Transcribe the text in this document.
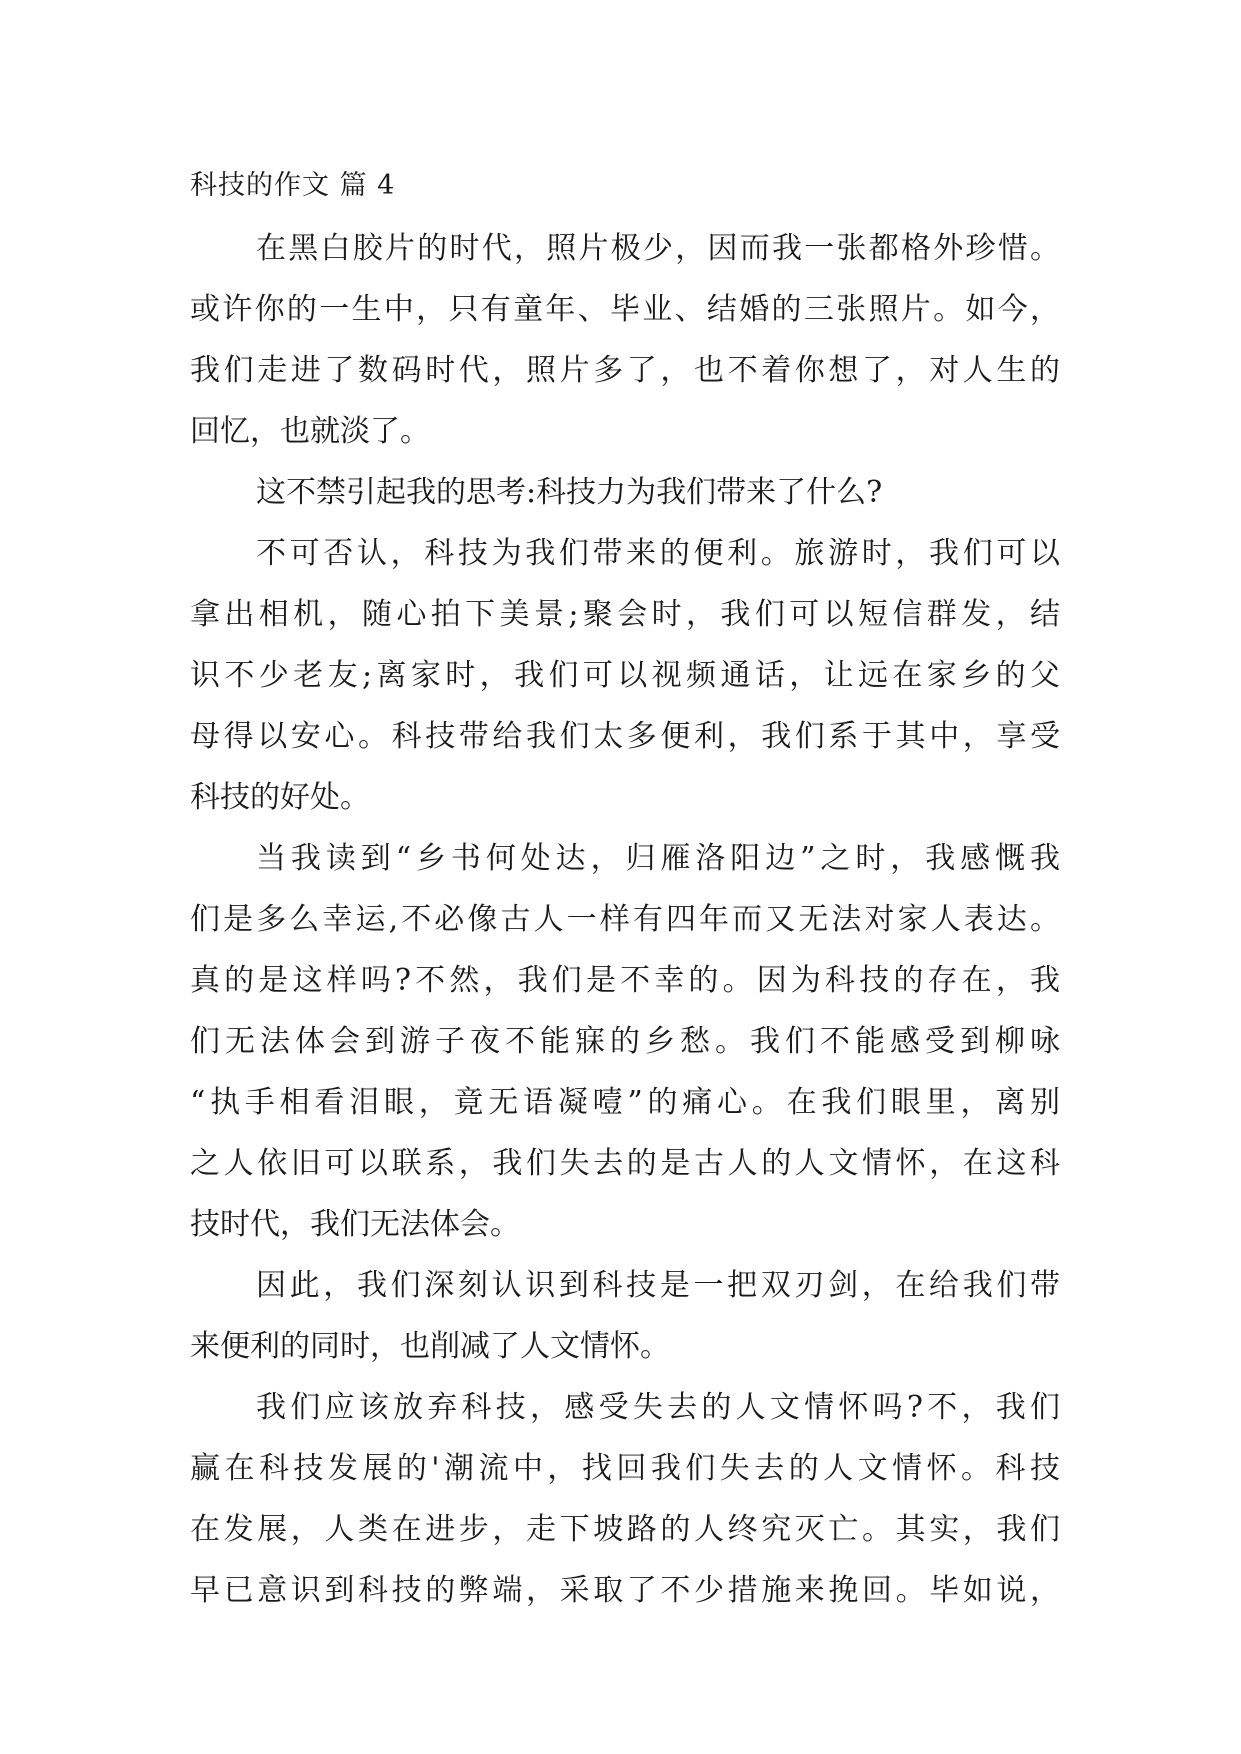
科技的作文 篇 4
在黑白胶片的时代，照片极少，因而我一张都格外珍惜。
或许你的一生中，只有童年、毕业、结婚的三张照片。如今，
我们走进了数码时代，照片多了，也不着你想了，对人生的
回忆，也就淡了。
这不禁引起我的思考:科技力为我们带来了什么?
不可否认，科技为我们带来的便利。旅游时，我们可以
拿出相机，随心拍下美景;聚会时，我们可以短信群发，结
识不少老友;离家时，我们可以视频通话，让远在家乡的父
母得以安心。科技带给我们太多便利，我们系于其中，享受
科技的好处。
当我读到“乡书何处达，归雁洛阳边”之时，我感慨我
们是多么幸运,不必像古人一样有四年而又无法对家人表达。
真的是这样吗?不然，我们是不幸的。因为科技的存在，我
们无法体会到游子夜不能寐的乡愁。我们不能感受到柳咏
“执手相看泪眼，竟无语凝噎”的痛心。在我们眼里，离别
之人依旧可以联系，我们失去的是古人的人文情怀，在这科
技时代，我们无法体会。
因此，我们深刻认识到科技是一把双刃剑，在给我们带
来便利的同时，也削减了人文情怀。
我们应该放弃科技，感受失去的人文情怀吗?不，我们
赢在科技发展的'潮流中，找回我们失去的人文情怀。科技
在发展，人类在进步，走下坡路的人终究灭亡。其实，我们
早已意识到科技的弊端，采取了不少措施来挽回。毕如说，
